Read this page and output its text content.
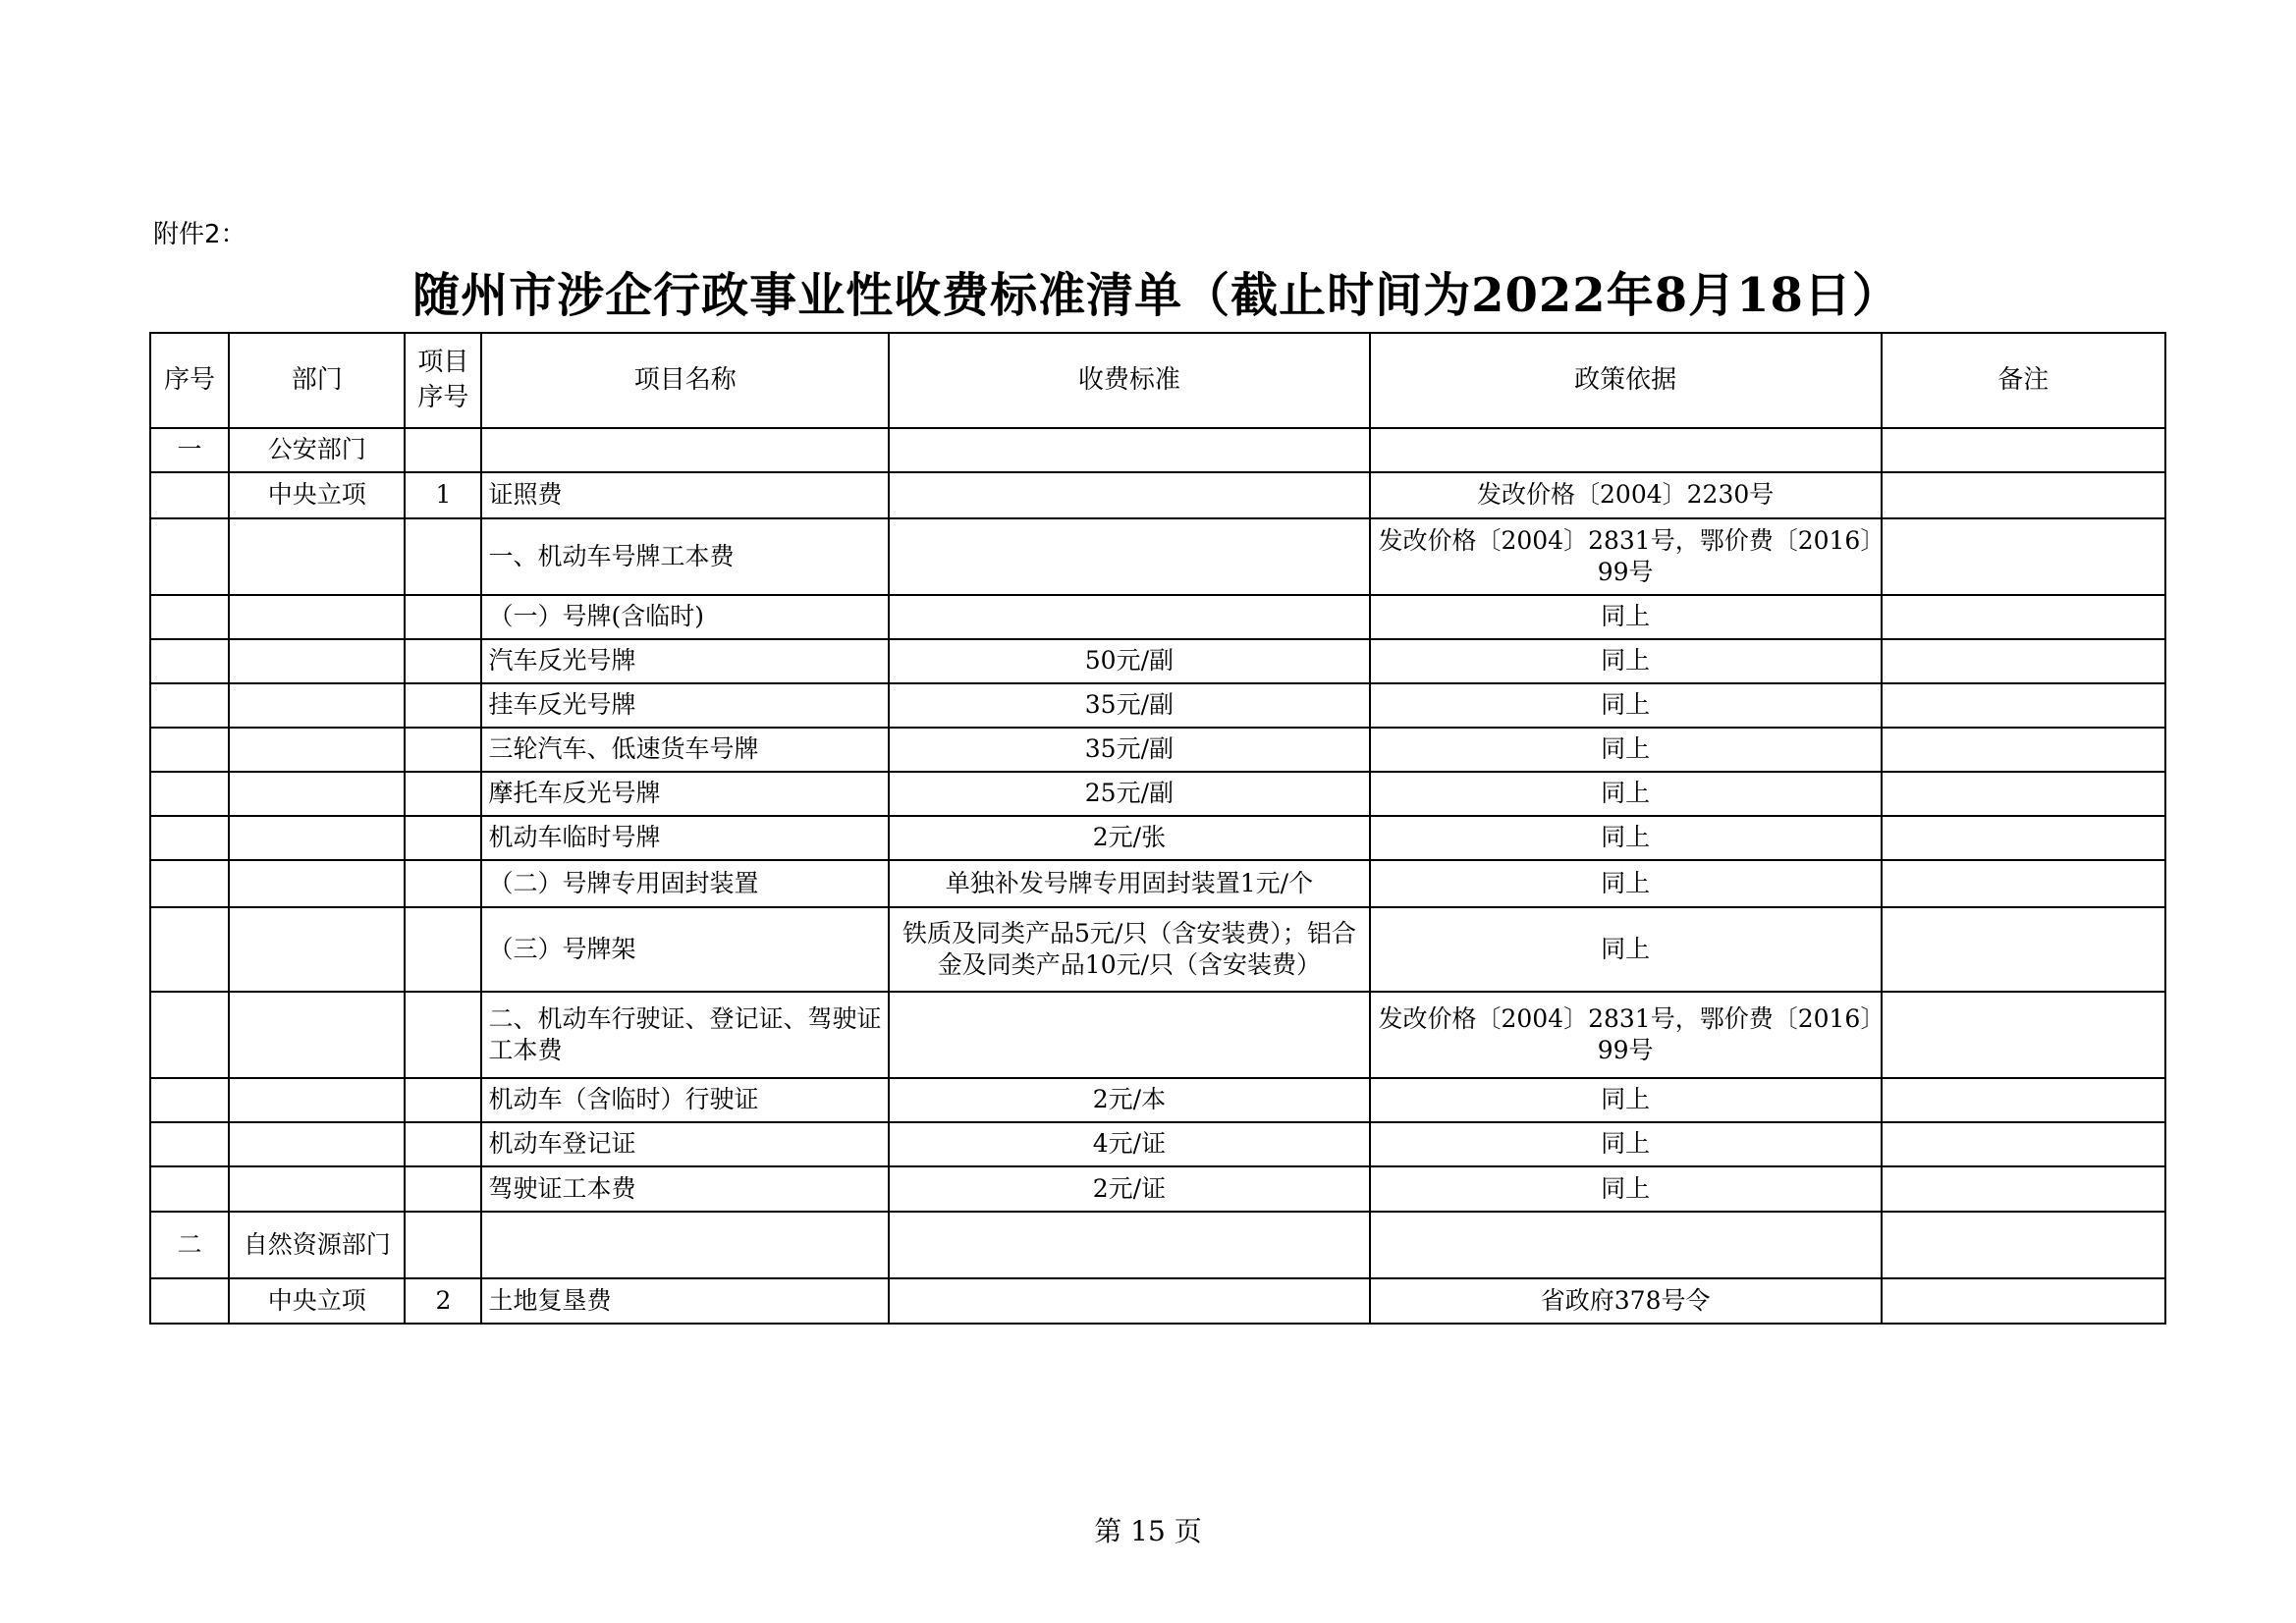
附件2：
随州市涉企行政事业性收费标准清单（截止时间为2022年8月18日）
序号	部门	项目序号	项目名称	收费标准	政策依据	备注
一	公安部门					
	中央立项	1	证照费		发改价格〔2004〕2230号	
			一、机动车号牌工本费		发改价格〔2004〕2831号，鄂价费〔2016〕99号	
			（一）号牌(含临时)		同上	
			汽车反光号牌	50元/副	同上	
			挂车反光号牌	35元/副	同上	
			三轮汽车、低速货车号牌	35元/副	同上	
			摩托车反光号牌	25元/副	同上	
			机动车临时号牌	2元/张	同上	
			（二）号牌专用固封装置	单独补发号牌专用固封装置1元/个	同上	
			（三）号牌架	铁质及同类产品5元/只（含安装费）；铝合金及同类产品10元/只（含安装费）	同上	
			二、机动车行驶证、登记证、驾驶证工本费		发改价格〔2004〕2831号，鄂价费〔2016〕99号	
			机动车（含临时）行驶证	2元/本	同上	
			机动车登记证	4元/证	同上	
			驾驶证工本费	2元/证	同上	
二	自然资源部门					
	中央立项	2	土地复垦费		省政府378号令	
第 15 页
